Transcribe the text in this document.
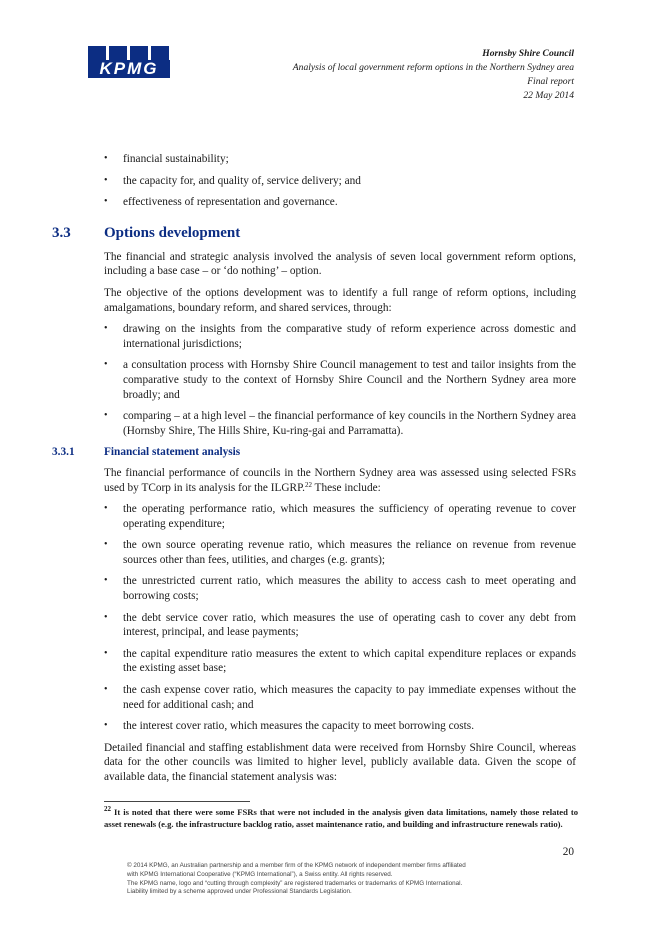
KPMG
Hornsby Shire Council
Analysis of local government reform options in the Northern Sydney area
Final report
22 May 2014
• financial sustainability;
• the capacity for, and quality of, service delivery; and
• effectiveness of representation and governance.
3.3	Options development

The financial and strategic analysis involved the analysis of seven local government reform options, including a base case – or ‘do nothing’ – option.

The objective of the options development was to identify a full range of reform options, including amalgamations, boundary reform, and shared services, through:

• drawing on the insights from the comparative study of reform experience across domestic and international jurisdictions;
• a consultation process with Hornsby Shire Council management to test and tailor insights from the comparative study to the context of Hornsby Shire Council and the Northern Sydney area more broadly; and
• comparing – at a high level – the financial performance of key councils in the Northern Sydney area (Hornsby Shire, The Hills Shire, Ku-ring-gai and Parramatta).
3.3.1	Financial statement analysis

The financial performance of councils in the Northern Sydney area was assessed using selected FSRs used by TCorp in its analysis for the ILGRP.$^{22}$ These include:

• the operating performance ratio, which measures the sufficiency of operating revenue to cover operating expenditure;
• the own source operating revenue ratio, which measures the reliance on revenue from revenue sources other than fees, utilities, and charges (e.g. grants);
• the unrestricted current ratio, which measures the ability to access cash to meet operating and borrowing costs;
• the debt service cover ratio, which measures the use of operating cash to cover any debt from interest, principal, and lease payments;
• the capital expenditure ratio measures the extent to which capital expenditure replaces or expands the existing asset base;
• the cash expense cover ratio, which measures the capacity to pay immediate expenses without the need for additional cash; and
• the interest cover ratio, which measures the capacity to meet borrowing costs.

Detailed financial and staffing establishment data were received from Hornsby Shire Council, whereas data for the other councils was limited to higher level, publicly available data. Given the scope of available data, the financial statement analysis was:

$^{22}$ It is noted that there were some FSRs that were not included in the analysis given data limitations, namely those related to asset renewals (e.g. the infrastructure backlog ratio, asset maintenance ratio, and building and infrastructure renewals ratio).
20

© 2014 KPMG, an Australian partnership and a member firm of the KPMG network of independent member firms affiliated

with KPMG International Cooperative (“KPMG International”), a Swiss entity. All rights reserved.

The KPMG name, logo and “cutting through complexity” are registered trademarks or trademarks of KPMG International.

Liability limited by a scheme approved under Professional Standards Legislation.
